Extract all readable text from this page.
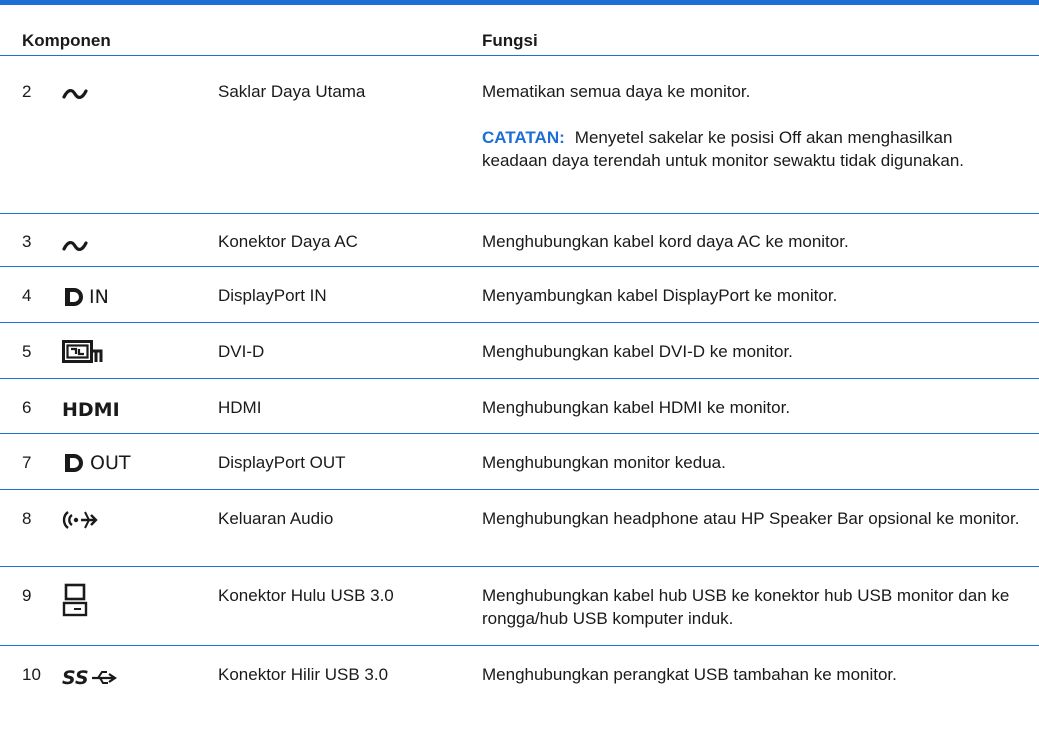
Komponen	Fungsi
2	Saklar Daya Utama	Mematikan semua daya ke monitor.
CATATAN: Menyetel sakelar ke posisi Off akan menghasilkan keadaan daya terendah untuk monitor sewaktu tidak digunakan.
3	Konektor Daya AC	Menghubungkan kabel kord daya AC ke monitor.
4	IN	DisplayPort IN	Menyambungkan kabel DisplayPort ke monitor.
5	DVI-D	Menghubungkan kabel DVI-D ke monitor.
6 HDMI	HDMI	Menghubungkan kabel HDMI ke monitor.
7	OUT	DisplayPort OUT	Menghubungkan monitor kedua.
8	Keluaran Audio	Menghubungkan headphone atau HP Speaker Bar opsional ke monitor.
9	Konektor Hulu USB 3.0	Menghubungkan kabel hub USB ke konektor hub USB monitor dan ke rongga/hub USB komputer induk.
10 SS	Konektor Hilir USB 3.0	Menghubungkan perangkat USB tambahan ke monitor.
